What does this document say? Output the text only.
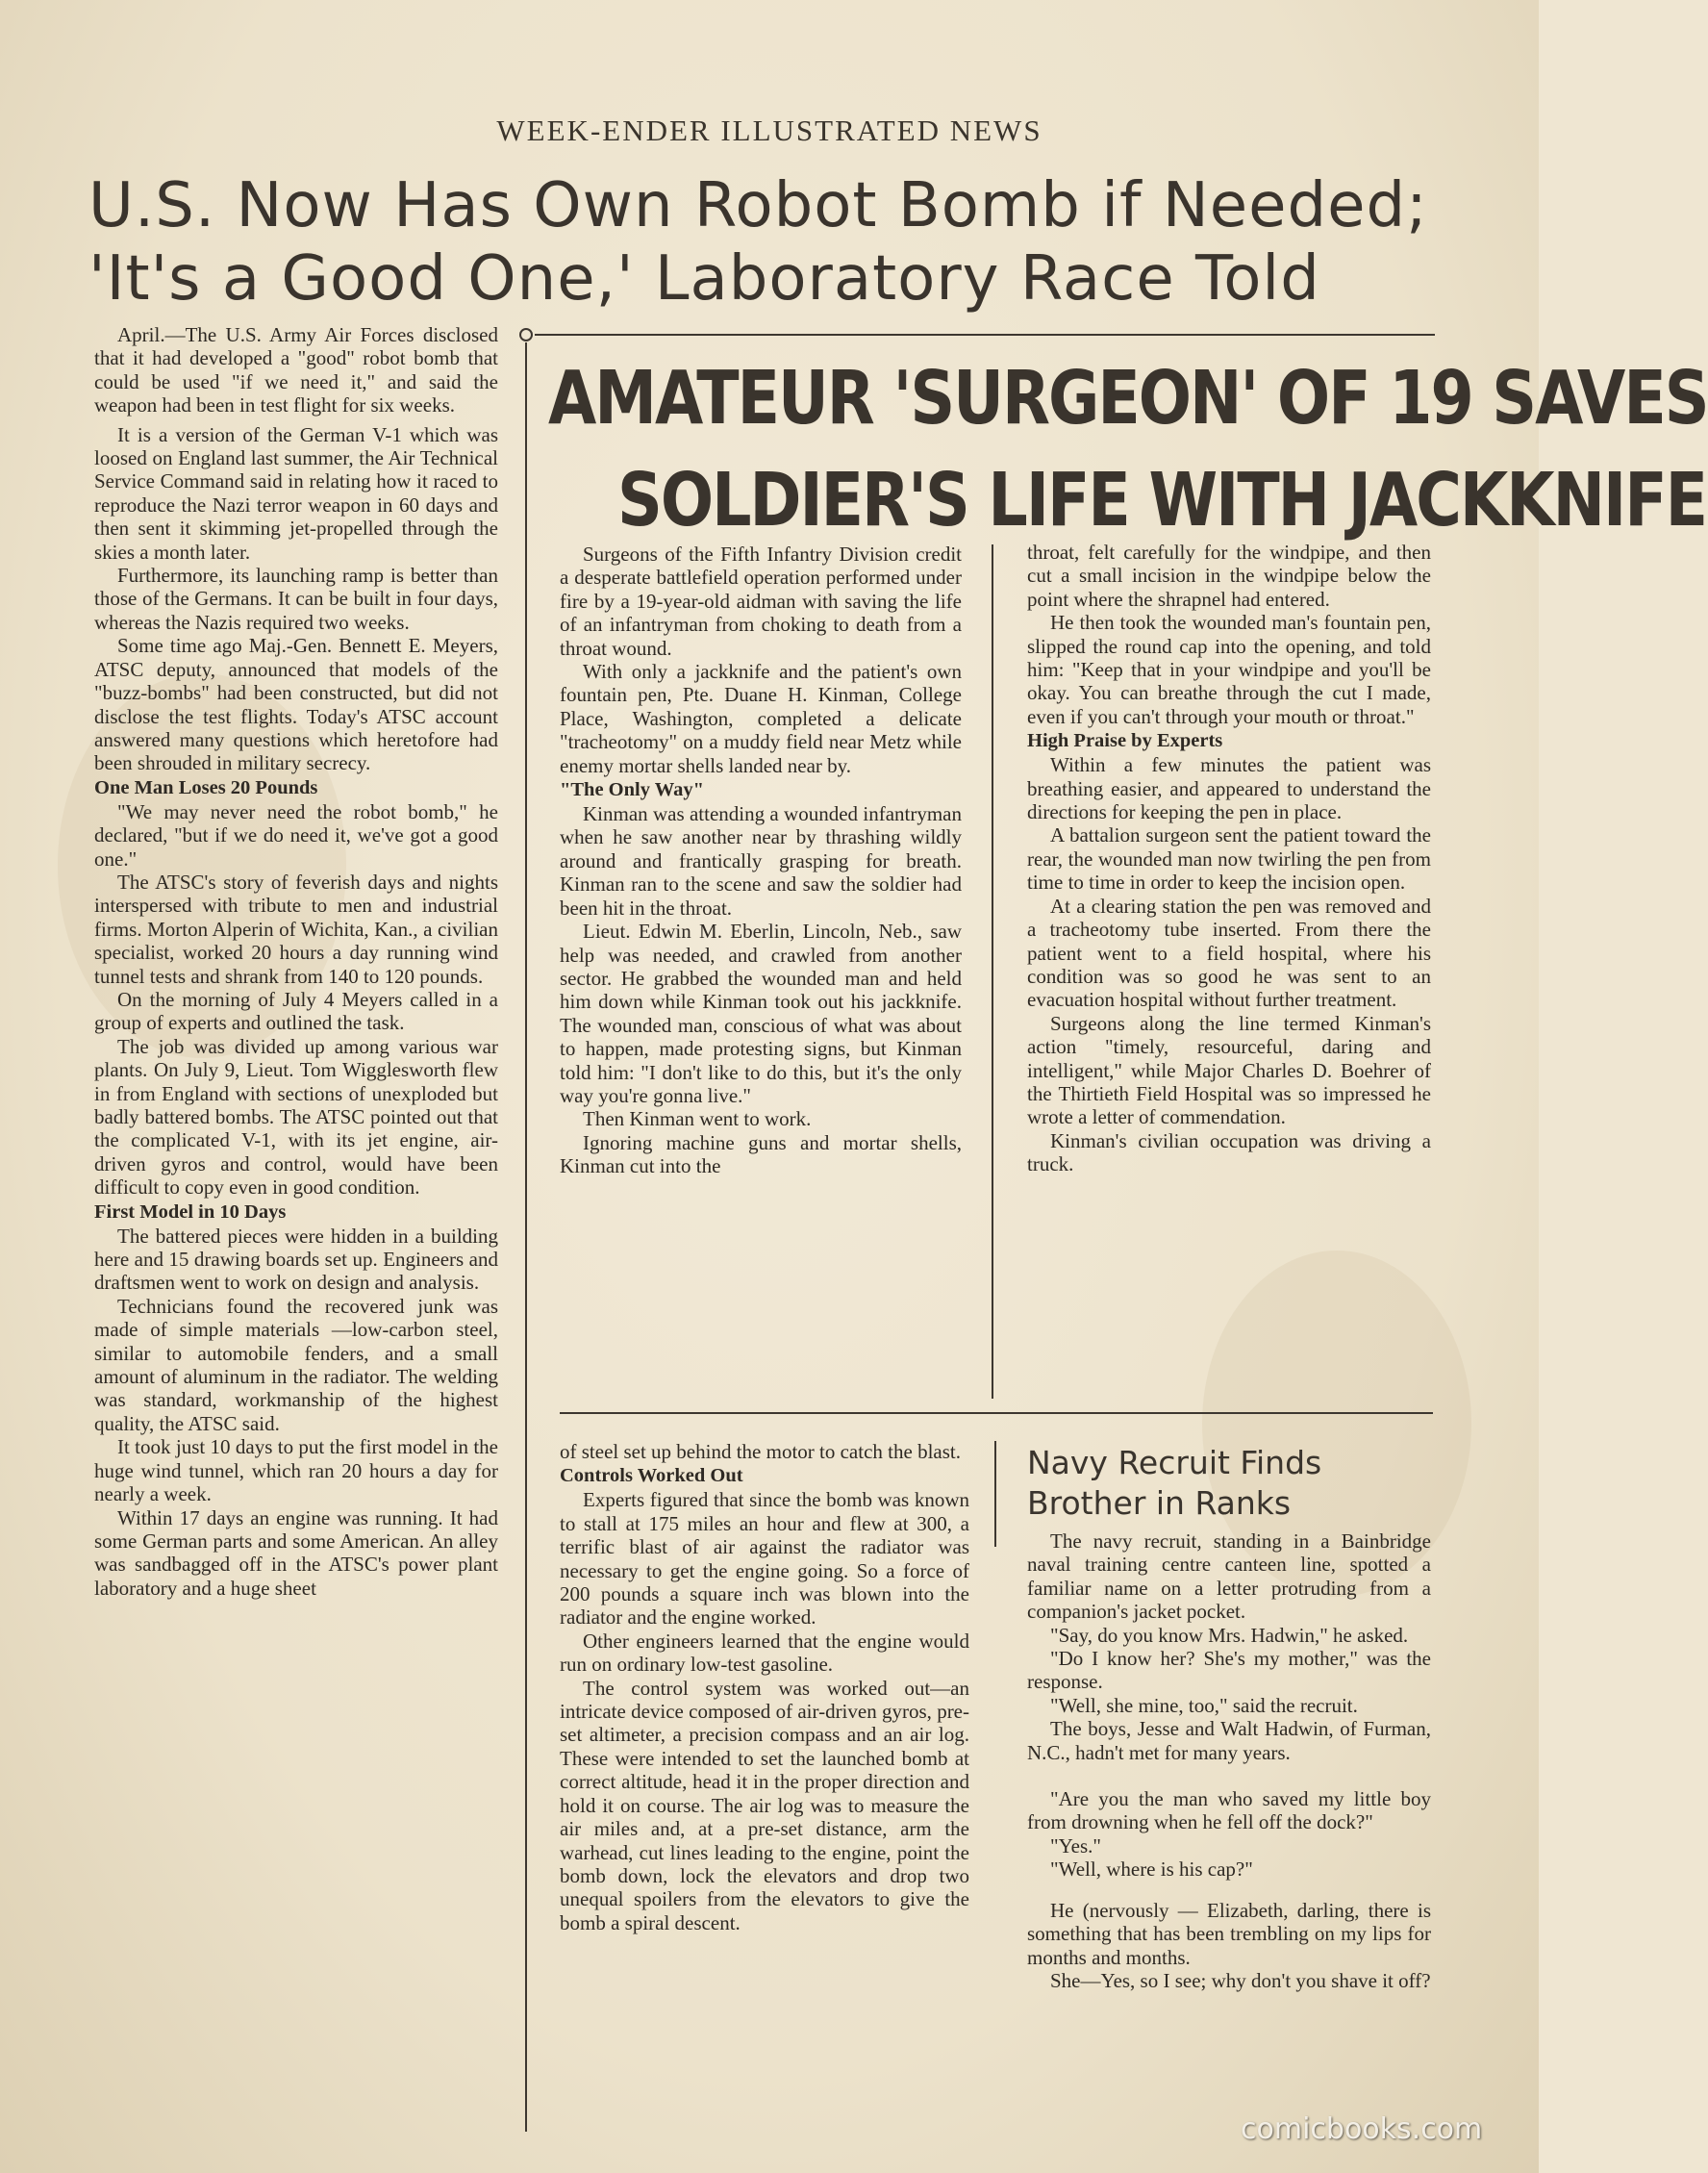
WEEK-ENDER ILLUSTRATED NEWS
U.S. Now Has Own Robot Bomb if Needed;
'It's a Good One,' Laboratory Race Told

April.—The U.S. Army Air Forces disclosed that it had developed a "good" robot bomb that could be used "if we need it," and said the weapon had been in test flight for six weeks.

It is a version of the German V-1 which was loosed on England last summer, the Air Technical Service Command said in relating how it raced to reproduce the Nazi terror weapon in 60 days and then sent it skimming jet-propelled through the skies a month later.

Furthermore, its launching ramp is better than those of the Germans. It can be built in four days, whereas the Nazis required two weeks.

Some time ago Maj.-Gen. Bennett E. Meyers, ATSC deputy, announced that models of the "buzz-bombs" had been constructed, but did not disclose the test flights. Today's ATSC account answered many questions which heretofore had been shrouded in military secrecy.

One Man Loses 20 Pounds

"We may never need the robot bomb," he declared, "but if we do need it, we've got a good one."

The ATSC's story of feverish days and nights interspersed with tribute to men and industrial firms. Morton Alperin of Wichita, Kan., a civilian specialist, worked 20 hours a day running wind tunnel tests and shrank from 140 to 120 pounds.

On the morning of July 4 Meyers called in a group of experts and outlined the task.

The job was divided up among various war plants. On July 9, Lieut. Tom Wigglesworth flew in from England with sections of unexploded but badly battered bombs. The ATSC pointed out that the complicated V-1, with its jet engine, air-driven gyros and control, would have been difficult to copy even in good condition.

First Model in 10 Days

The battered pieces were hidden in a building here and 15 drawing boards set up. Engineers and draftsmen went to work on design and analysis.

Technicians found the recovered junk was made of simple materials —low-carbon steel, similar to automobile fenders, and a small amount of aluminum in the radiator. The welding was standard, workmanship of the highest quality, the ATSC said.

It took just 10 days to put the first model in the huge wind tunnel, which ran 20 hours a day for nearly a week.

Within 17 days an engine was running. It had some German parts and some American. An alley was sandbagged off in the ATSC's power plant laboratory and a huge sheet

AMATEUR 'SURGEON' OF 19 SAVES
SOLDIER'S LIFE WITH JACKKNIFE

Surgeons of the Fifth Infantry Division credit a desperate battlefield operation performed under fire by a 19-year-old aidman with saving the life of an infantryman from choking to death from a throat wound.

With only a jackknife and the patient's own fountain pen, Pte. Duane H. Kinman, College Place, Washington, completed a delicate "tracheotomy" on a muddy field near Metz while enemy mortar shells landed near by.

"The Only Way"

Kinman was attending a wounded infantryman when he saw another near by thrashing wildly around and frantically grasping for breath. Kinman ran to the scene and saw the soldier had been hit in the throat.

Lieut. Edwin M. Eberlin, Lincoln, Neb., saw help was needed, and crawled from another sector. He grabbed the wounded man and held him down while Kinman took out his jackknife. The wounded man, conscious of what was about to happen, made protesting signs, but Kinman told him: "I don't like to do this, but it's the only way you're gonna live."

Then Kinman went to work.

Ignoring machine guns and mortar shells, Kinman cut into the

throat, felt carefully for the windpipe, and then cut a small incision in the windpipe below the point where the shrapnel had entered.

He then took the wounded man's fountain pen, slipped the round cap into the opening, and told him: "Keep that in your windpipe and you'll be okay. You can breathe through the cut I made, even if you can't through your mouth or throat."

High Praise by Experts

Within a few minutes the patient was breathing easier, and appeared to understand the directions for keeping the pen in place.

A battalion surgeon sent the patient toward the rear, the wounded man now twirling the pen from time to time in order to keep the incision open.

At a clearing station the pen was removed and a tracheotomy tube inserted. From there the patient went to a field hospital, where his condition was so good he was sent to an evacuation hospital without further treatment.

Surgeons along the line termed Kinman's action "timely, resourceful, daring and intelligent," while Major Charles D. Boehrer of the Thirtieth Field Hospital was so impressed he wrote a letter of commendation.

Kinman's civilian occupation was driving a truck.

of steel set up behind the motor to catch the blast.

Controls Worked Out

Experts figured that since the bomb was known to stall at 175 miles an hour and flew at 300, a terrific blast of air against the radiator was necessary to get the engine going. So a force of 200 pounds a square inch was blown into the radiator and the engine worked.

Other engineers learned that the engine would run on ordinary low-test gasoline.

The control system was worked out—an intricate device composed of air-driven gyros, pre-set altimeter, a precision compass and an air log. These were intended to set the launched bomb at correct altitude, head it in the proper direction and hold it on course. The air log was to measure the air miles and, at a pre-set distance, arm the warhead, cut lines leading to the engine, point the bomb down, lock the elevators and drop two unequal spoilers from the elevators to give the bomb a spiral descent.

Navy Recruit Finds
Brother in Ranks

The navy recruit, standing in a Bainbridge naval training centre canteen line, spotted a familiar name on a letter protruding from a companion's jacket pocket.

"Say, do you know Mrs. Hadwin," he asked.

"Do I know her? She's my mother," was the response.

"Well, she mine, too," said the recruit.

The boys, Jesse and Walt Hadwin, of Furman, N.C., hadn't met for many years.

"Are you the man who saved my little boy from drowning when he fell off the dock?"

"Yes."

"Well, where is his cap?"

He (nervously — Elizabeth, darling, there is something that has been trembling on my lips for months and months.

She—Yes, so I see; why don't you shave it off?

comicbooks.com
